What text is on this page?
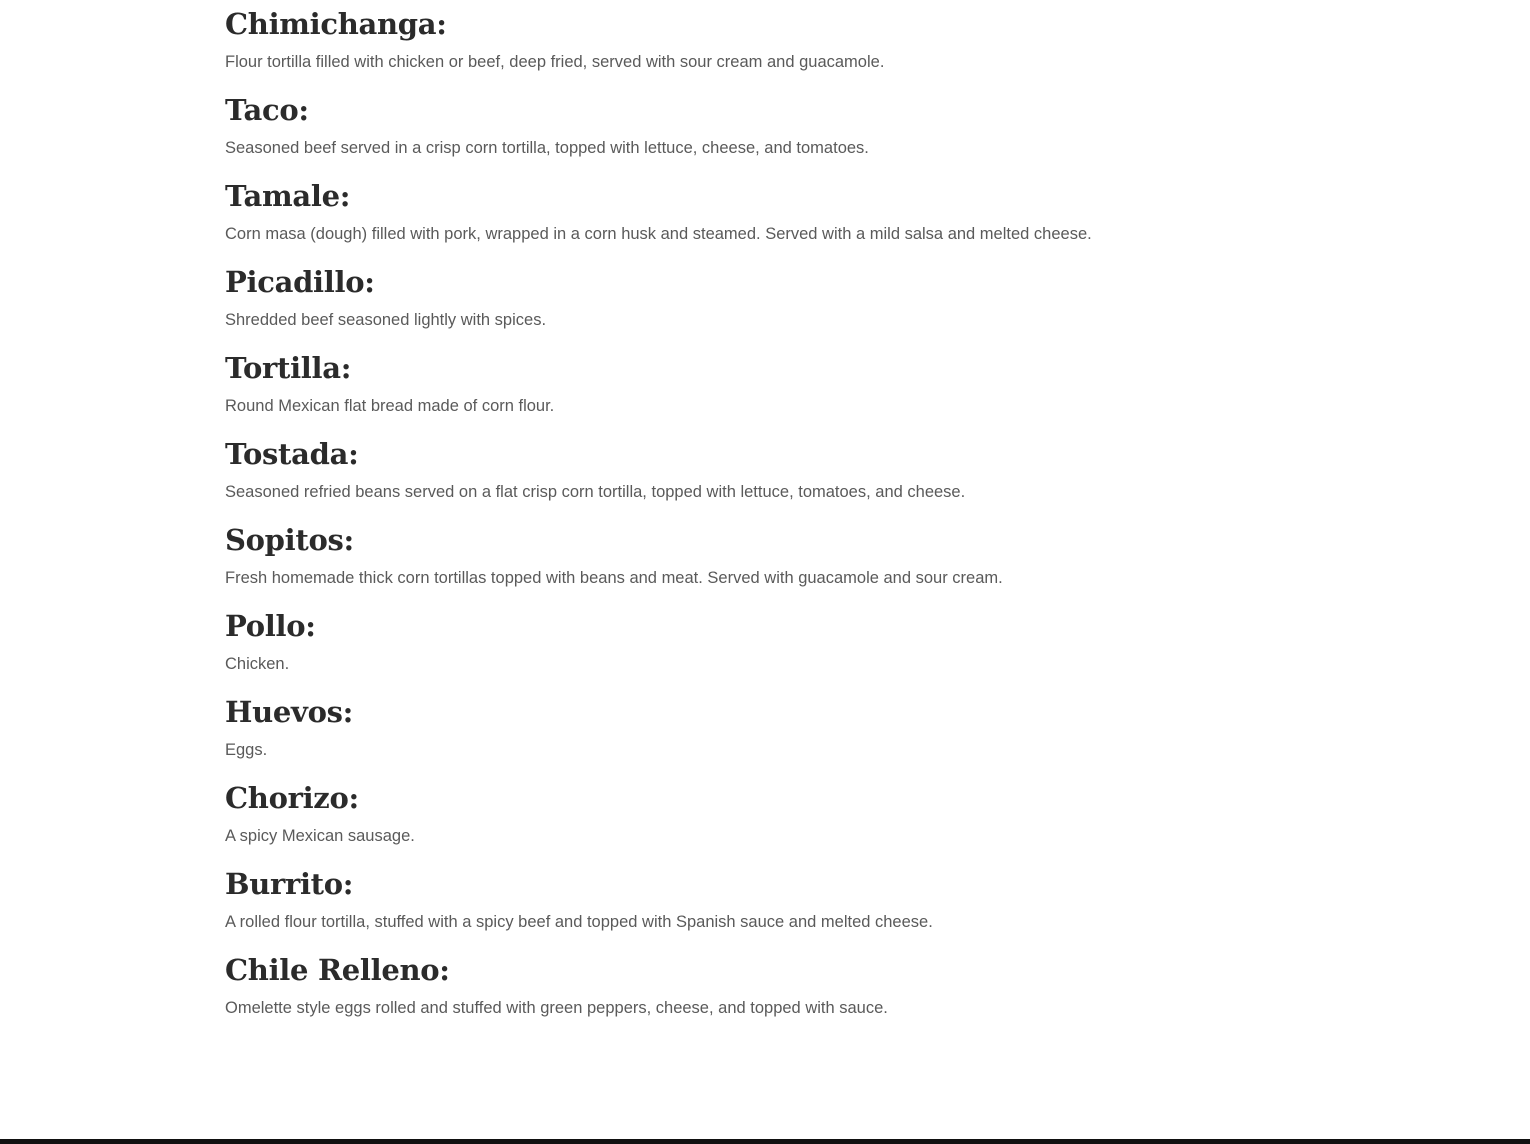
Chimichanga:

Flour tortilla filled with chicken or beef, deep fried, served with sour cream and guacamole.

Taco:

Seasoned beef served in a crisp corn tortilla, topped with lettuce, cheese, and tomatoes.

Tamale:

Corn masa (dough) filled with pork, wrapped in a corn husk and steamed. Served with a mild salsa and melted cheese.

Picadillo:

Shredded beef seasoned lightly with spices.

Tortilla:

Round Mexican flat bread made of corn flour.

Tostada:

Seasoned refried beans served on a flat crisp corn tortilla, topped with lettuce, tomatoes, and cheese.

Sopitos:

Fresh homemade thick corn tortillas topped with beans and meat. Served with guacamole and sour cream.

Pollo:

Chicken.

Huevos:

Eggs.

Chorizo:

A spicy Mexican sausage.

Burrito:

A rolled flour tortilla, stuffed with a spicy beef and topped with Spanish sauce and melted cheese.

Chile Relleno:

Omelette style eggs rolled and stuffed with green peppers, cheese, and topped with sauce.
